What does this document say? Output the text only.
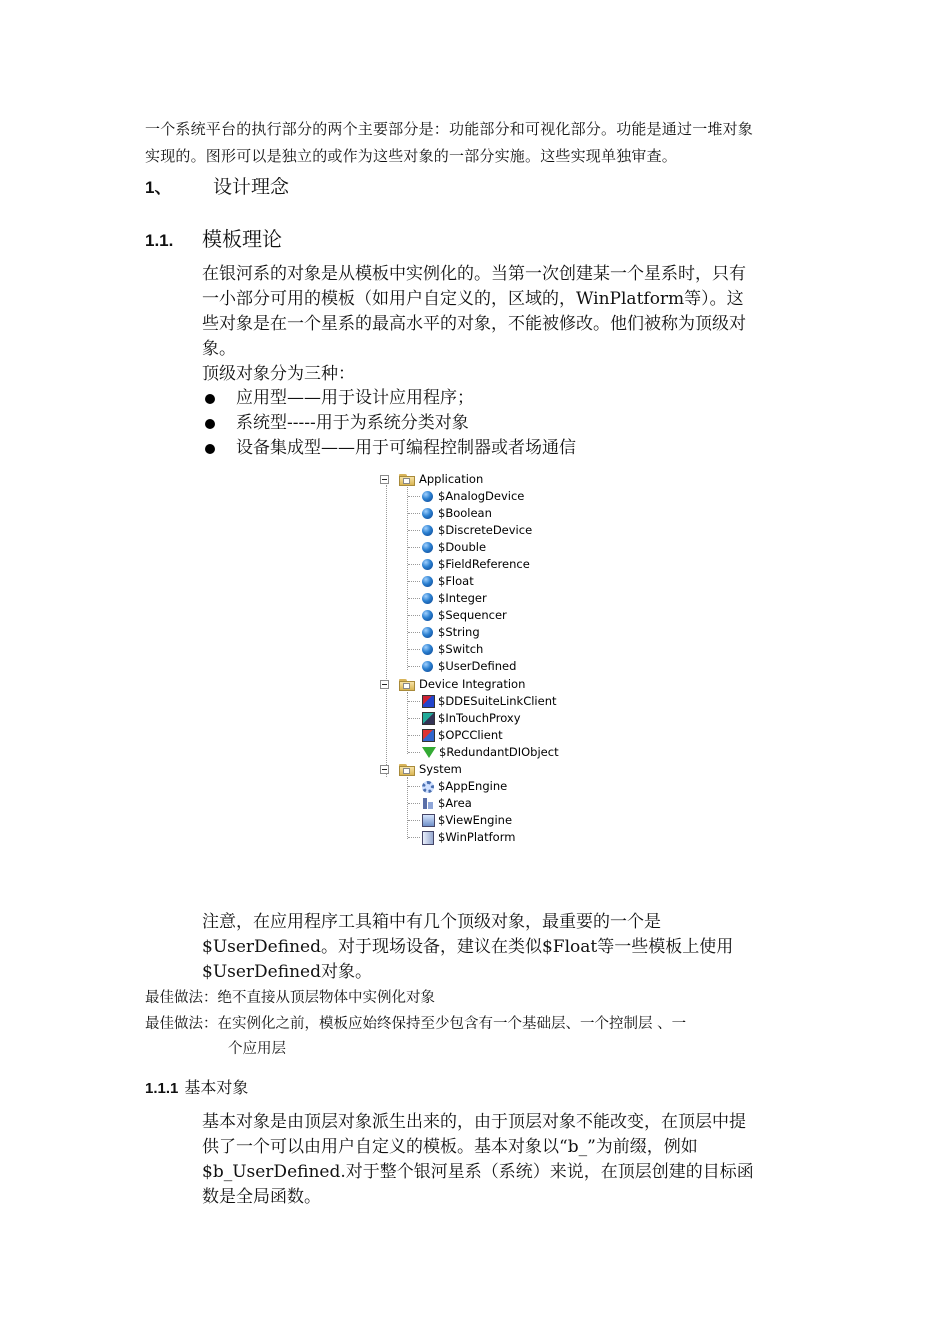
一个系统平台的执行部分的两个主要部分是：功能部分和可视化部分。功能是通过一堆对象
实现的。图形可以是独立的或作为这些对象的一部分实施。这些实现单独审查。
1、 设计理念
1.1. 模板理论
在银河系的对象是从模板中实例化的。当第一次创建某一个星系时，只有
一小部分可用的模板（如用户自定义的，区域的，WinPlatform等）。这
些对象是在一个星系的最高水平的对象，不能被修改。他们被称为顶级对
象。
顶级对象分为三种：
应用型——用于设计应用程序；
系统型-----用于为系统分类对象
设备集成型——用于可编程控制器或者场通信
Application
$AnalogDevice
$Boolean
$DiscreteDevice
$Double
$FieldReference
$Float
$Integer
$Sequencer
$String
$Switch
$UserDefined
Device Integration
$DDESuiteLinkClient
$InTouchProxy
$OPCClient
$RedundantDIObject
System
$AppEngine
$Area
$ViewEngine
$WinPlatform
注意，在应用程序工具箱中有几个顶级对象，最重要的一个是
$UserDefined。对于现场设备，建议在类似$Float等一些模板上使用
$UserDefined对象。
最佳做法：绝不直接从顶层物体中实例化对象
最佳做法：在实例化之前，模板应始终保持至少包含有一个基础层、一个控制层 、一
个应用层
1.1.1 基本对象
基本对象是由顶层对象派生出来的，由于顶层对象不能改变，在顶层中提
供了一个可以由用户自定义的模板。基本对象以“b_”为前缀，例如
$b_UserDefined.对于整个银河星系（系统）来说，在顶层创建的目标函
数是全局函数。
